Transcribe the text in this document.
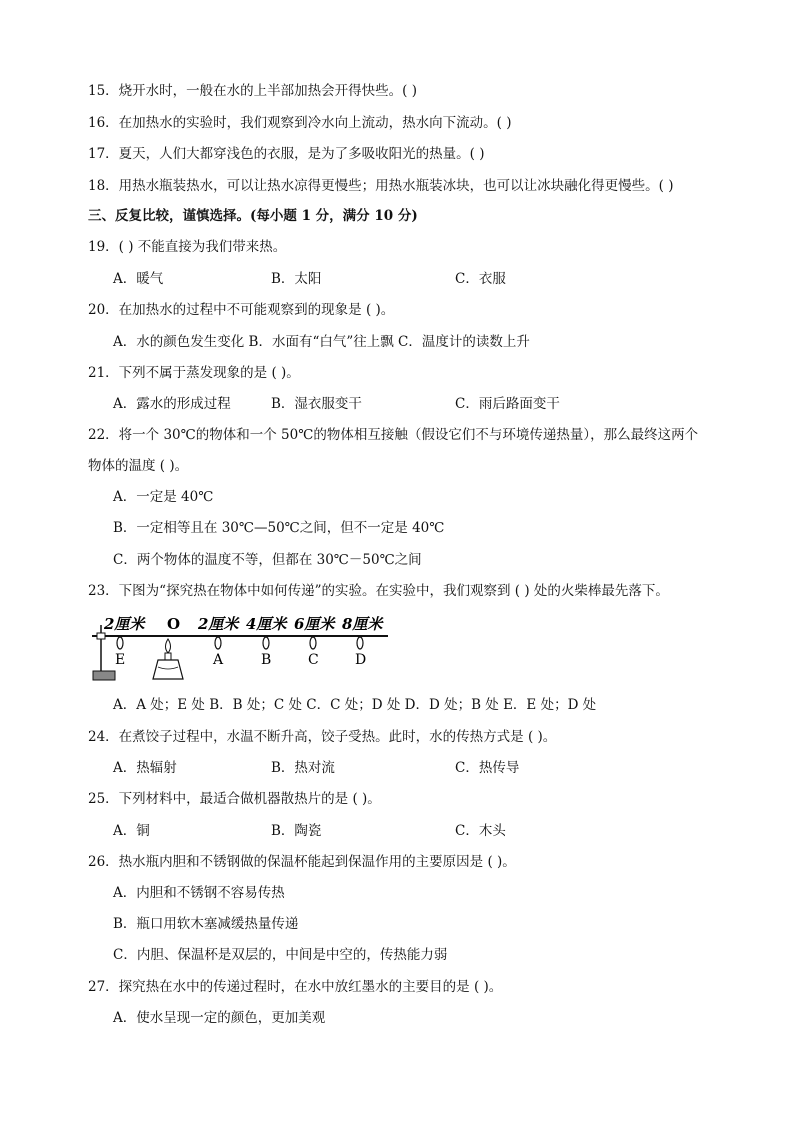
15．烧开水时，一般在水的上半部加热会开得快些。( )
16．在加热水的实验时，我们观察到冷水向上流动，热水向下流动。( )
17．夏天，人们大都穿浅色的衣服，是为了多吸收阳光的热量。( )
18．用热水瓶装热水，可以让热水凉得更慢些；用热水瓶装冰块，也可以让冰块融化得更慢些。( )
三、反复比较，谨慎选择。(每小题 1 分，满分 10 分)
19．( ) 不能直接为我们带来热。
A．暖气	B．太阳	C．衣服
20．在加热水的过程中不可能观察到的现象是 ( )。
A．水的颜色发生变化 B．水面有“白气”往上飘 C．温度计的读数上升
21．下列不属于蒸发现象的是 ( )。
A．露水的形成过程	B．湿衣服变干	C．雨后路面变干
22．将一个 30℃的物体和一个 50℃的物体相互接触（假设它们不与环境传递热量），那么最终这两个
物体的温度 ( )。
A．一定是 40℃
B．一定相等且在 30℃—50℃之间，但不一定是 40℃
C．两个物体的温度不等，但都在 30℃－50℃之间
23．下图为“探究热在物体中如何传递”的实验。在实验中，我们观察到 ( ) 处的火柴棒最先落下。
2厘米 O 2厘米 4厘米 6厘米 8厘米
E	A	B	C	D
A．A 处；E 处 B．B 处；C 处 C．C 处；D 处 D．D 处；B 处 E．E 处；D 处
24．在煮饺子过程中，水温不断升高，饺子受热。此时，水的传热方式是 ( )。
A．热辐射	B．热对流	C．热传导
25．下列材料中，最适合做机器散热片的是 ( )。
A．铜	B．陶瓷	C．木头
26．热水瓶内胆和不锈钢做的保温杯能起到保温作用的主要原因是 ( )。
A．内胆和不锈钢不容易传热
B．瓶口用软木塞减缓热量传递
C．内胆、保温杯是双层的，中间是中空的，传热能力弱
27．探究热在水中的传递过程时，在水中放红墨水的主要目的是 ( )。
A．使水呈现一定的颜色，更加美观
